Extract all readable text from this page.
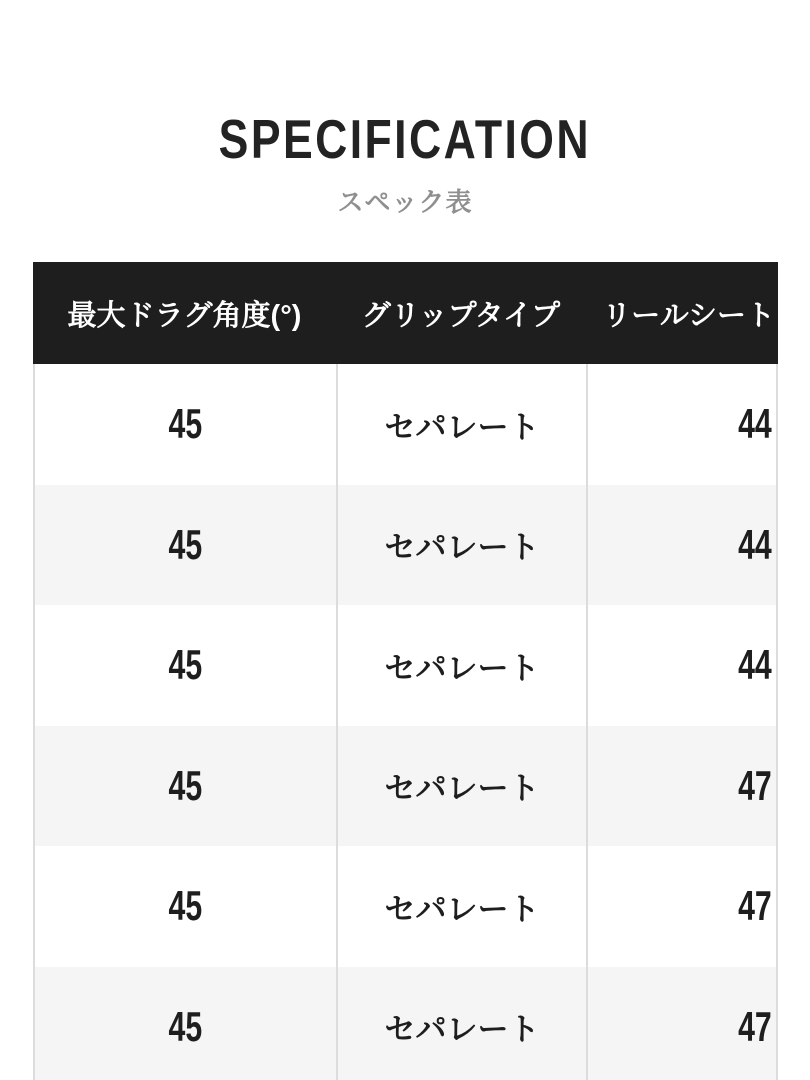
SPECIFICATION
スペック表
最大ドラグ角度(°)	グリップタイプ	リールシート
45	セパレート	44
45	セパレート	44
45	セパレート	44
45	セパレート	47
45	セパレート	47
45	セパレート	47
